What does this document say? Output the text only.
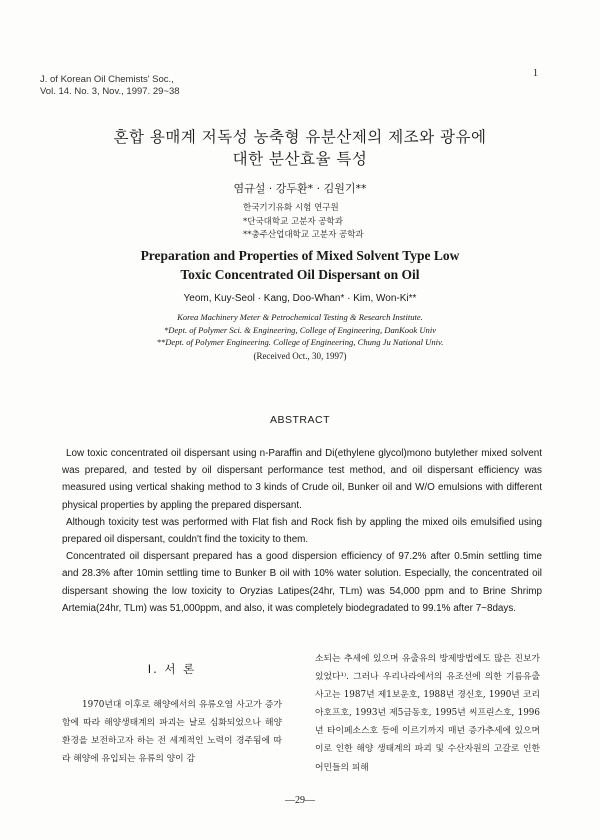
J. of Korean Oil Chemists' Soc.,
Vol. 14. No. 3, Nov., 1997. 29~38
1
혼합 용매계 저독성 농축형 유분산제의 제조와 광유에
대한 분산효율 특성
염규설 · 강두환* · 김원기**
한국기기유화 시험 연구원
*단국대학교 고분자 공학과
**충주산업대학교 고분자 공학과
Preparation and Properties of Mixed Solvent Type Low
Toxic Concentrated Oil Dispersant on Oil
Yeom, Kuy-Seol · Kang, Doo-Whan* · Kim, Won-Ki**
Korea Machinery Meter & Petrochemical Testing & Research Institute.
*Dept. of Polymer Sci. & Engineering, College of Engineering, DanKook Univ
**Dept. of Polymer Engineering. College of Engineering, Chung Ju National Univ.
(Received Oct., 30, 1997)
ABSTRACT

Low toxic concentrated oil dispersant using n-Paraffin and Di(ethylene glycol)mono butylether mixed solvent was prepared, and tested by oil dispersant performance test method, and oil dispersant efficiency was measured using vertical shaking method to 3 kinds of Crude oil, Bunker oil and W/O emulsions with different physical properties by appling the prepared dispersant.

Although toxicity test was performed with Flat fish and Rock fish by appling the mixed oils emulsified using prepared oil dispersant, couldn't find the toxicity to them.

Concentrated oil dispersant prepared has a good dispersion efficiency of 97.2% after 0.5min settling time and 28.3% after 10min settling time to Bunker B oil with 10% water solution. Especially, the concentrated oil dispersant showing the low toxicity to Oryzias Latipes(24hr, TLm) was 54,000 ppm and to Brine Shrimp Artemia(24hr, TLm) was 51,000ppm, and also, it was completely biodegradated to 99.1% after 7~8days.

I. 서 론

1970년대 이후로 해양에서의 유류오염 사고가 증가함에 따라 해양생태계의 파괴는 날로 심화되었으나 해양 환경을 보전하고자 하는 전 세계적인 노력이 경주됨에 따라 해양에 유입되는 유류의 양이 감

소되는 추세에 있으며 유출유의 방제방법에도 많은 진보가 있었다¹⁾. 그러나 우리나라에서의 유조선에 의한 기름유출 사고는 1987년 제1보운호, 1988년 경신호, 1990년 코리아호프호, 1993년 제5금동호, 1995년 씨프린스호, 1996년 타이페소스호 등에 이르기까지 매년 증가추세에 있으며 이로 인한 해양 생태계의 파괴 및 수산자원의 고갈로 인한 어민들의 피해

—29—
